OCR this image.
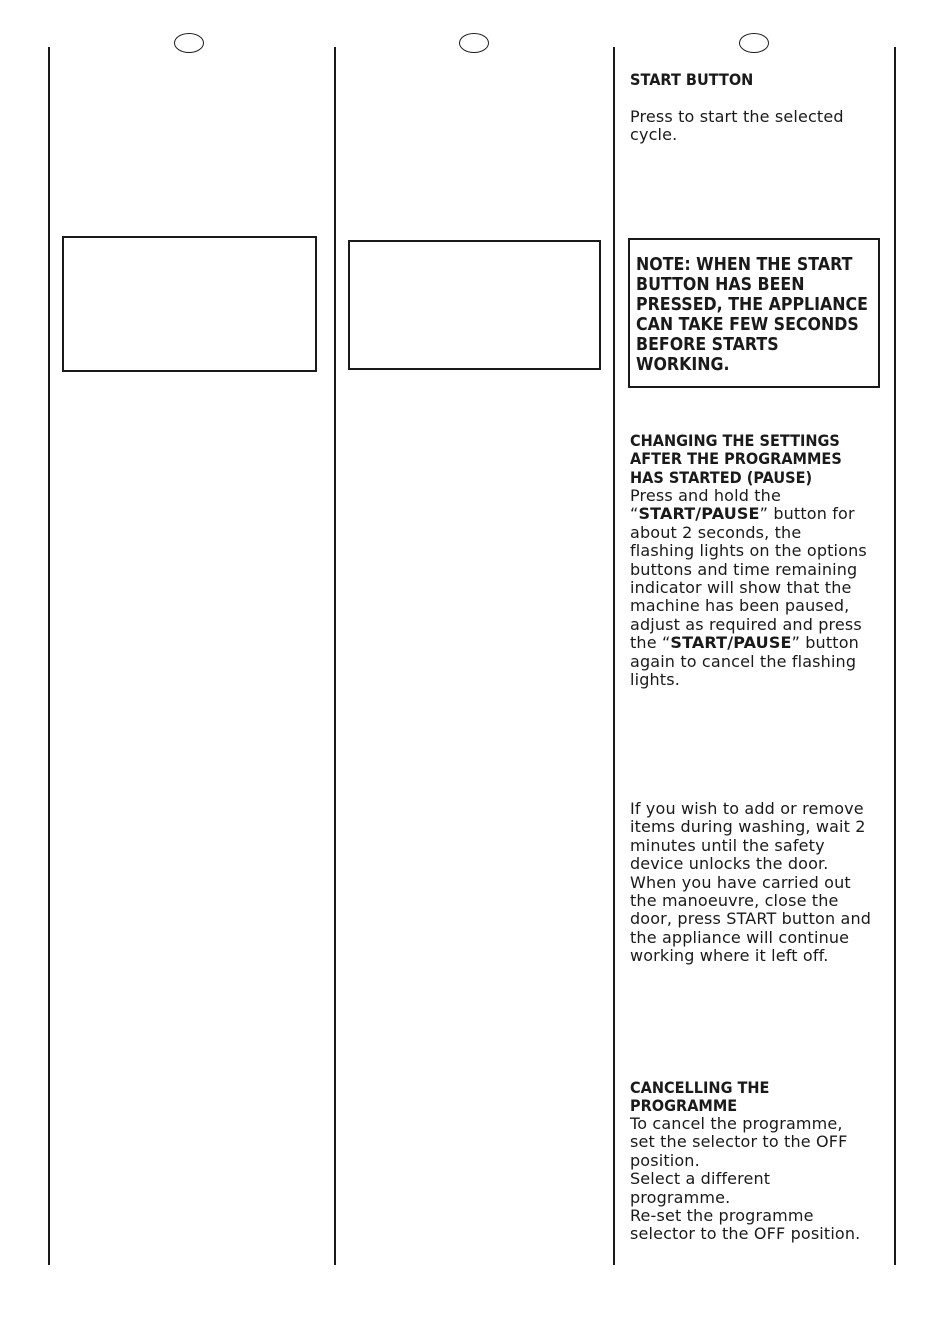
START BUTTON
Press to start the selected
cycle.
NOTE: WHEN THE START
BUTTON HAS BEEN
PRESSED, THE APPLIANCE
CAN TAKE FEW SECONDS
BEFORE STARTS
WORKING.
CHANGING THE SETTINGS
AFTER THE PROGRAMMES
HAS STARTED (PAUSE)
Press and hold the
“START/PAUSE” button for
about 2 seconds, the
flashing lights on the options
buttons and time remaining
indicator will show that the
machine has been paused,
adjust as required and press
the “START/PAUSE” button
again to cancel the flashing
lights.
If you wish to add or remove
items during washing, wait 2
minutes until the safety
device unlocks the door.
When you have carried out
the manoeuvre, close the
door, press START button and
the appliance will continue
working where it left off.
CANCELLING THE
PROGRAMME
To cancel the programme,
set the selector to the OFF
position.
Select a different
programme.
Re-set the programme
selector to the OFF position.
